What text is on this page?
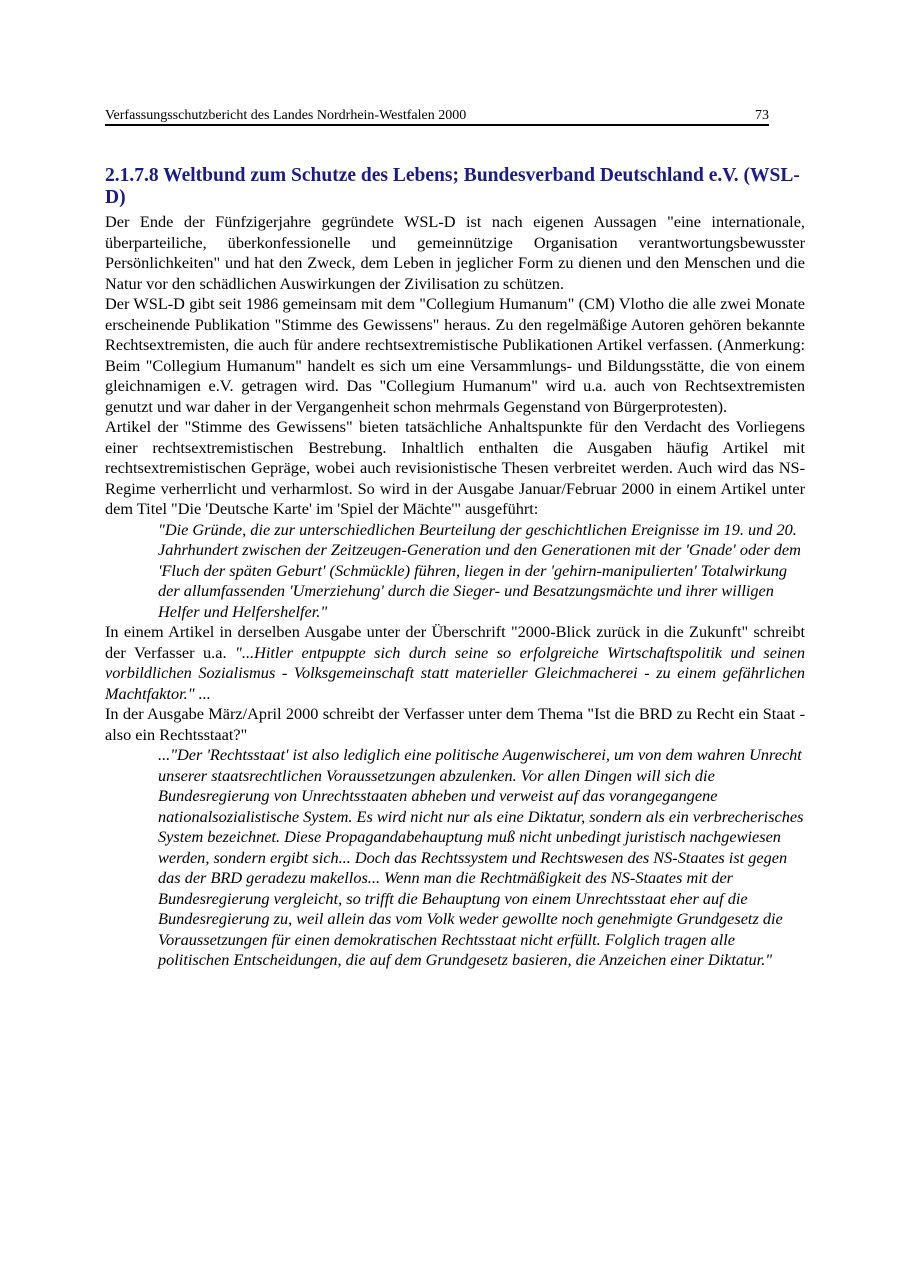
Verfassungsschutzbericht des Landes Nordrhein-Westfalen 2000	73
2.1.7.8 Weltbund zum Schutze des Lebens; Bundesverband Deutschland e.V. (WSL-D)

Der Ende der Fünfzigerjahre gegründete WSL-D ist nach eigenen Aussagen "eine internationale, überparteiliche, überkonfessionelle und gemeinnützige Organisation verantwortungsbewusster Persönlichkeiten" und hat den Zweck, dem Leben in jeglicher Form zu dienen und den Menschen und die Natur vor den schädlichen Auswirkungen der Zivilisation zu schützen.

Der WSL-D gibt seit 1986 gemeinsam mit dem "Collegium Humanum" (CM) Vlotho die alle zwei Monate erscheinende Publikation "Stimme des Gewissens" heraus. Zu den regelmäßige Autoren gehören bekannte Rechtsextremisten, die auch für andere rechtsextremistische Publikationen Artikel verfassen. (Anmerkung: Beim "Collegium Humanum" handelt es sich um eine Versammlungs- und Bildungsstätte, die von einem gleichnamigen e.V. getragen wird. Das "Collegium Humanum" wird u.a. auch von Rechtsextremisten genutzt und war daher in der Vergangenheit schon mehrmals Gegenstand von Bürgerprotesten).

Artikel der "Stimme des Gewissens" bieten tatsächliche Anhaltspunkte für den Verdacht des Vorliegens einer rechtsextremistischen Bestrebung. Inhaltlich enthalten die Ausgaben häufig Artikel mit rechtsextremistischen Gepräge, wobei auch revisionistische Thesen verbreitet werden. Auch wird das NS-Regime verherrlicht und verharmlost. So wird in der Ausgabe Januar/Februar 2000 in einem Artikel unter dem Titel "Die 'Deutsche Karte' im 'Spiel der Mächte'" ausgeführt:

"Die Gründe, die zur unterschiedlichen Beurteilung der geschichtlichen Ereignisse im 19. und 20. Jahrhundert zwischen der Zeitzeugen-Generation und den Generationen mit der 'Gnade' oder dem 'Fluch der späten Geburt' (Schmückle) führen, liegen in der 'gehirn-manipulierten' Totalwirkung der allumfassenden 'Umerziehung' durch die Sieger- und Besatzungsmächte und ihrer willigen Helfer und Helfershelfer."

In einem Artikel in derselben Ausgabe unter der Überschrift "2000-Blick zurück in die Zukunft" schreibt der Verfasser u.a. "...Hitler entpuppte sich durch seine so erfolgreiche Wirtschaftspolitik und seinen vorbildlichen Sozialismus - Volksgemeinschaft statt materieller Gleichmacherei - zu einem gefährlichen Machtfaktor." ...

In der Ausgabe März/April 2000 schreibt der Verfasser unter dem Thema "Ist die BRD zu Recht ein Staat - also ein Rechtsstaat?"

..."Der 'Rechtsstaat' ist also lediglich eine politische Augenwischerei, um von dem wahren Unrecht unserer staatsrechtlichen Voraussetzungen abzulenken. Vor allen Dingen will sich die Bundesregierung von Unrechtsstaaten abheben und verweist auf das vorangegangene nationalsozialistische System. Es wird nicht nur als eine Diktatur, sondern als ein verbrecherisches System bezeichnet. Diese Propagandabehauptung muß nicht unbedingt juristisch nachgewiesen werden, sondern ergibt sich... Doch das Rechtssystem und Rechtswesen des NS-Staates ist gegen das der BRD geradezu makellos... Wenn man die Rechtmäßigkeit des NS-Staates mit der Bundesregierung vergleicht, so trifft die Behauptung von einem Unrechtsstaat eher auf die Bundesregierung zu, weil allein das vom Volk weder gewollte noch genehmigte Grundgesetz die Voraussetzungen für einen demokratischen Rechtsstaat nicht erfüllt. Folglich tragen alle politischen Entscheidungen, die auf dem Grundgesetz basieren, die Anzeichen einer Diktatur."
